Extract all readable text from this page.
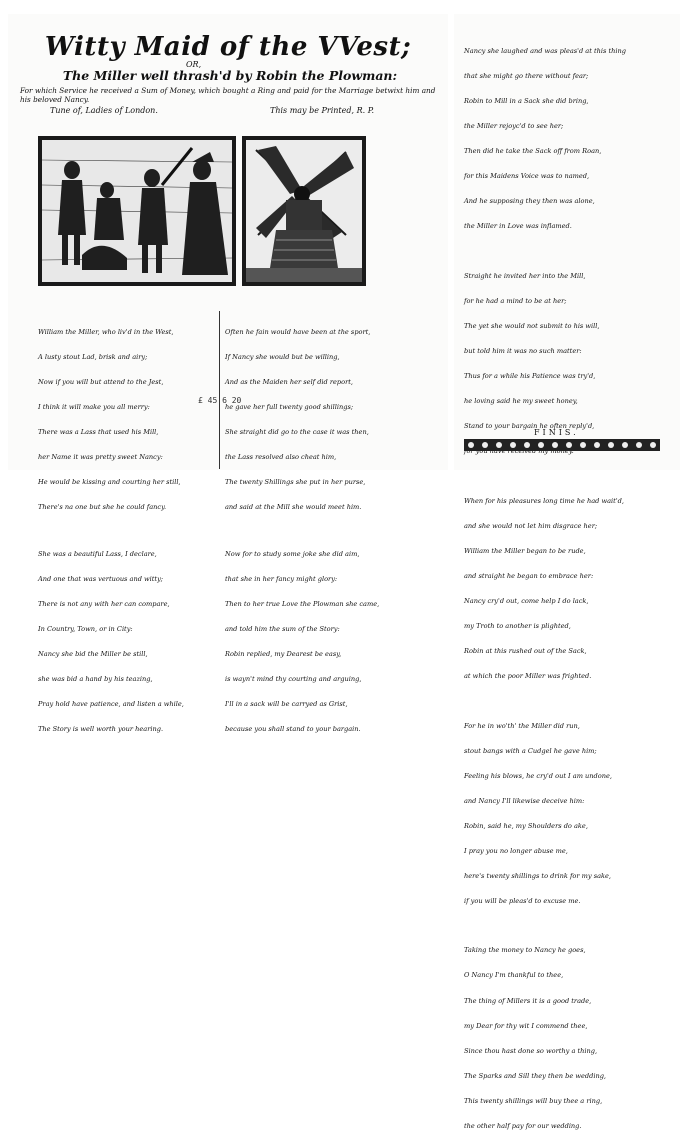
Witty Maid of the VVest;
OR,
The Miller well thrash'd by Robin the Plowman:
For which Service he received a Sum of Money, which bought a Ring and paid for the Marriage betwixt him and his beloved Nancy.
Tune of, Ladies of London.	This may be Printed, R. P.

William the Miller, who liv'd in the West,

A lusty stout Lad, brisk and airy;

Now if you will but attend to the Jest,

I think it will make you all merry:

There was a Lass that used his Mill,

her Name it was pretty sweet Nancy:

He would be kissing and courting her still,

There's na one but she he could fancy.

She was a beautiful Lass, I declare,

And one that was vertuous and witty;

There is not any with her can compare,

In Country, Town, or in City:

Nancy she bid the Miller be still,

she was bid a hand by his teazing,

Pray hold have patience, and listen a while,

The Story is well worth your hearing.

£ 45 6 20

Often he fain would have been at the sport,

If Nancy she would but be willing,

And as the Maiden her self did report,

he gave her full twenty good shillings;

She straight did go to the case it was then,

the Lass resolved also cheat him,

The twenty Shillings she put in her purse,

and said at the Mill she would meet him.

Now for to study some joke she did aim,

that she in her fancy might glory:

Then to her true Love the Plowman she came,

and told him the sum of the Story:

Robin replied, my Dearest be easy,

is wayn't mind thy courting and arguing,

I'll in a sack will be carryed as Grist,

because you shall stand to your bargain.

Nancy she laughed and was pleas'd at this thing

that she might go there without fear;

Robin to Mill in a Sack she did bring,

the Miller rejoyc'd to see her;

Then did he take the Sack off from Roan,

for this Maidens Voice was to named,

And he supposing they then was alone,

the Miller in Love was inflamed.

Straight he invited her into the Mill,

for he had a mind to be at her;

The yet she would not submit to his will,

but told him it was no such matter:

Thus for a while his Patience was try'd,

he loving said he my sweet honey,

Stand to your bargain he often reply'd,

When for his pleasures long time he had wait'd,

and she would not let him disgrace her;

William the Miller began to be rude,

and straight he began to embrace her:

Nancy cry'd out, come help I do lack,

my Troth to another is plighted,

Robin at this rushed out of the Sack,

at which the poor Miller was frighted.

For he in wo'th' the Miller did run,

stout bangs with a Cudgel he gave him;

Feeling his blows, he cry'd out I am undone,

and Nancy I'll likewise deceive him:

Robin, said he, my Shoulders do ake,

I pray you no longer abuse me,

here's twenty shillings to drink for my sake,

if you will be pleas'd to excuse me.

Taking the money to Nancy he goes,

O Nancy I'm thankful to thee,

The thing of Millers it is a good trade,

my Dear for thy wit I commend thee,

Since thou hast done so worthy a thing,

The Sparks and Sill they then be wedding,

This twenty shillings will buy thee a ring,

the other half pay for our wedding.

FINIS.
